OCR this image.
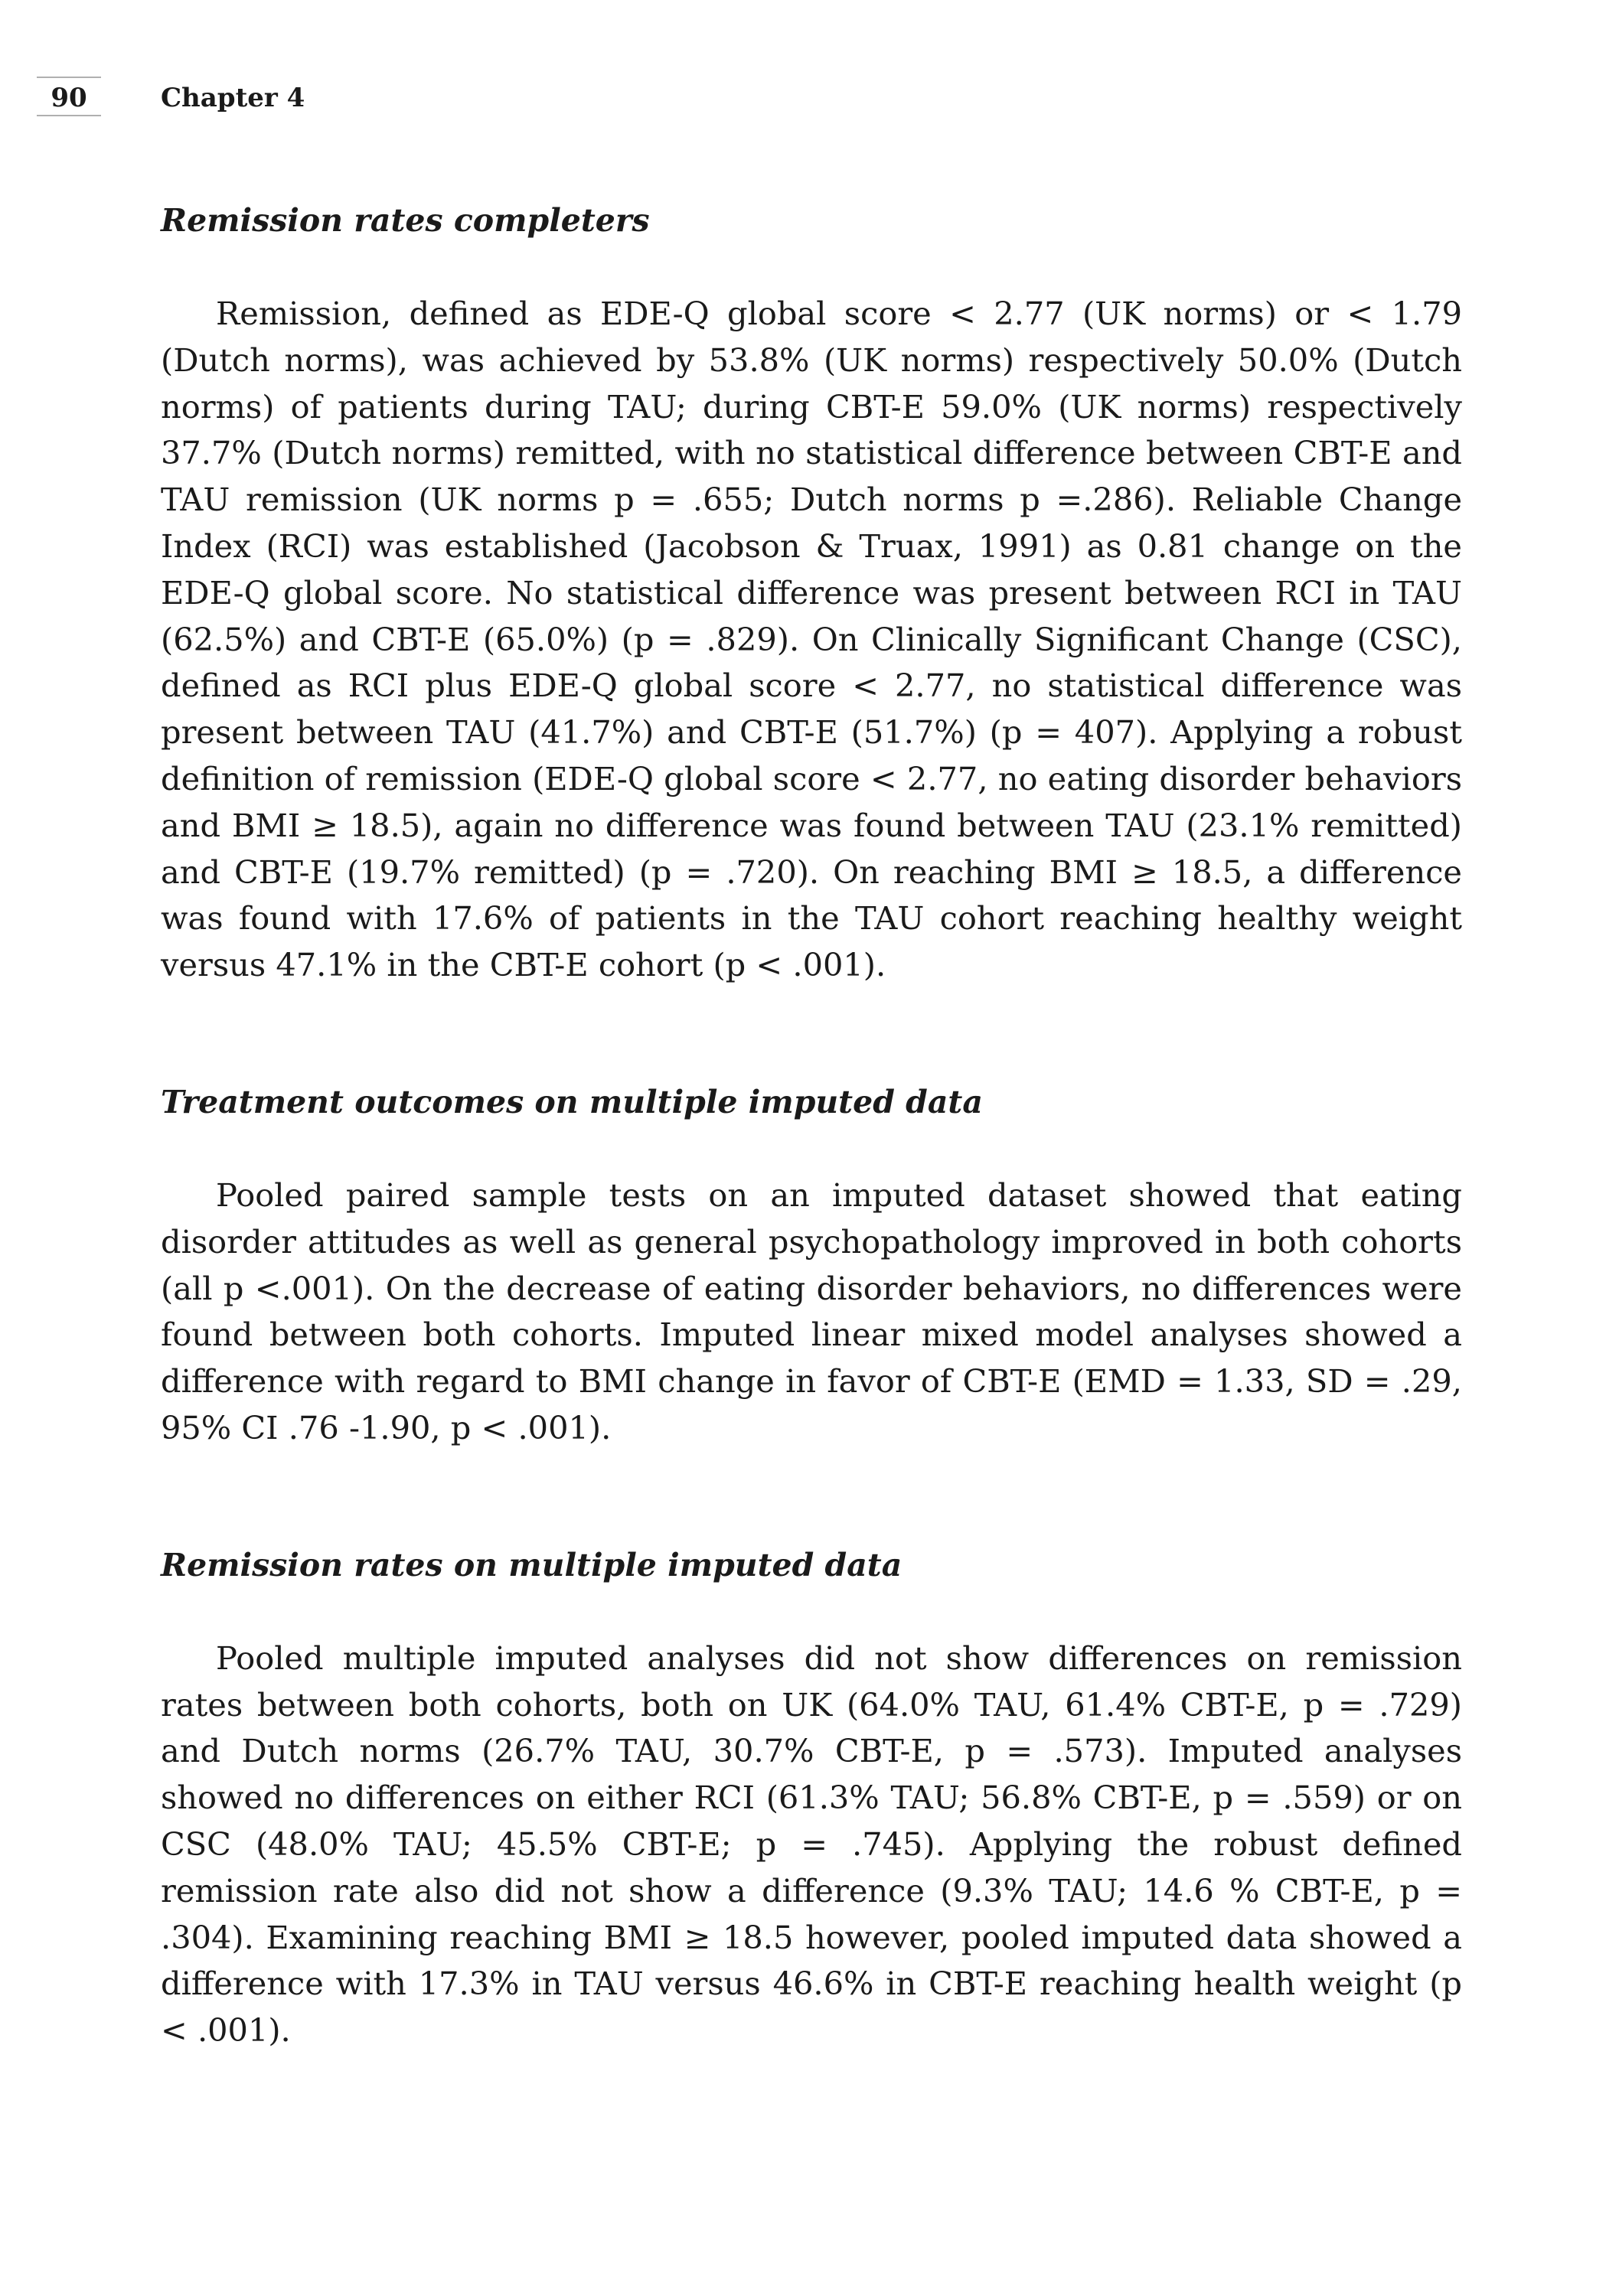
90	Chapter 4
Remission rates completers

Remission, defined as EDE-Q global score < 2.77 (UK norms) or < 1.79 (Dutch norms), was achieved by 53.8% (UK norms) respectively 50.0% (Dutch norms) of patients during TAU; during CBT-E 59.0% (UK norms) respectively 37.7% (Dutch norms) remitted, with no statistical difference between CBT-E and TAU remission (UK norms p = .655; Dutch norms p =.286). Reliable Change Index (RCI) was established (Jacobson & Truax, 1991) as 0.81 change on the EDE-Q global score. No statistical difference was present between RCI in TAU (62.5%) and CBT-E (65.0%) (p = .829). On Clinically Significant Change (CSC), defined as RCI plus EDE-Q global score < 2.77, no statistical difference was present between TAU (41.7%) and CBT-E (51.7%) (p = 407). Applying a robust definition of remission (EDE-Q global score < 2.77, no eating disorder behaviors and BMI ≥ 18.5), again no difference was found between TAU (23.1% remitted) and CBT-E (19.7% remitted) (p = .720). On reaching BMI ≥ 18.5, a difference was found with 17.6% of patients in the TAU cohort reaching healthy weight versus 47.1% in the CBT-E cohort (p < .001).

Treatment outcomes on multiple imputed data

Pooled paired sample tests on an imputed dataset showed that eating disorder attitudes as well as general psychopathology improved in both cohorts (all p <.001). On the decrease of eating disorder behaviors, no differences were found between both cohorts. Imputed linear mixed model analyses showed a difference with regard to BMI change in favor of CBT-E (EMD = 1.33, SD = .29, 95% CI .76 -1.90, p < .001).

Remission rates on multiple imputed data

Pooled multiple imputed analyses did not show differences on remission rates between both cohorts, both on UK (64.0% TAU, 61.4% CBT-E, p = .729) and Dutch norms (26.7% TAU, 30.7% CBT-E, p = .573). Imputed analyses showed no differences on either RCI (61.3% TAU; 56.8% CBT-E, p = .559) or on CSC (48.0% TAU; 45.5% CBT-E; p = .745). Applying the robust defined remission rate also did not show a difference (9.3% TAU; 14.6 % CBT-E, p = .304). Examining reaching BMI ≥ 18.5 however, pooled imputed data showed a difference with 17.3% in TAU versus 46.6% in CBT-E reaching health weight (p < .001).
